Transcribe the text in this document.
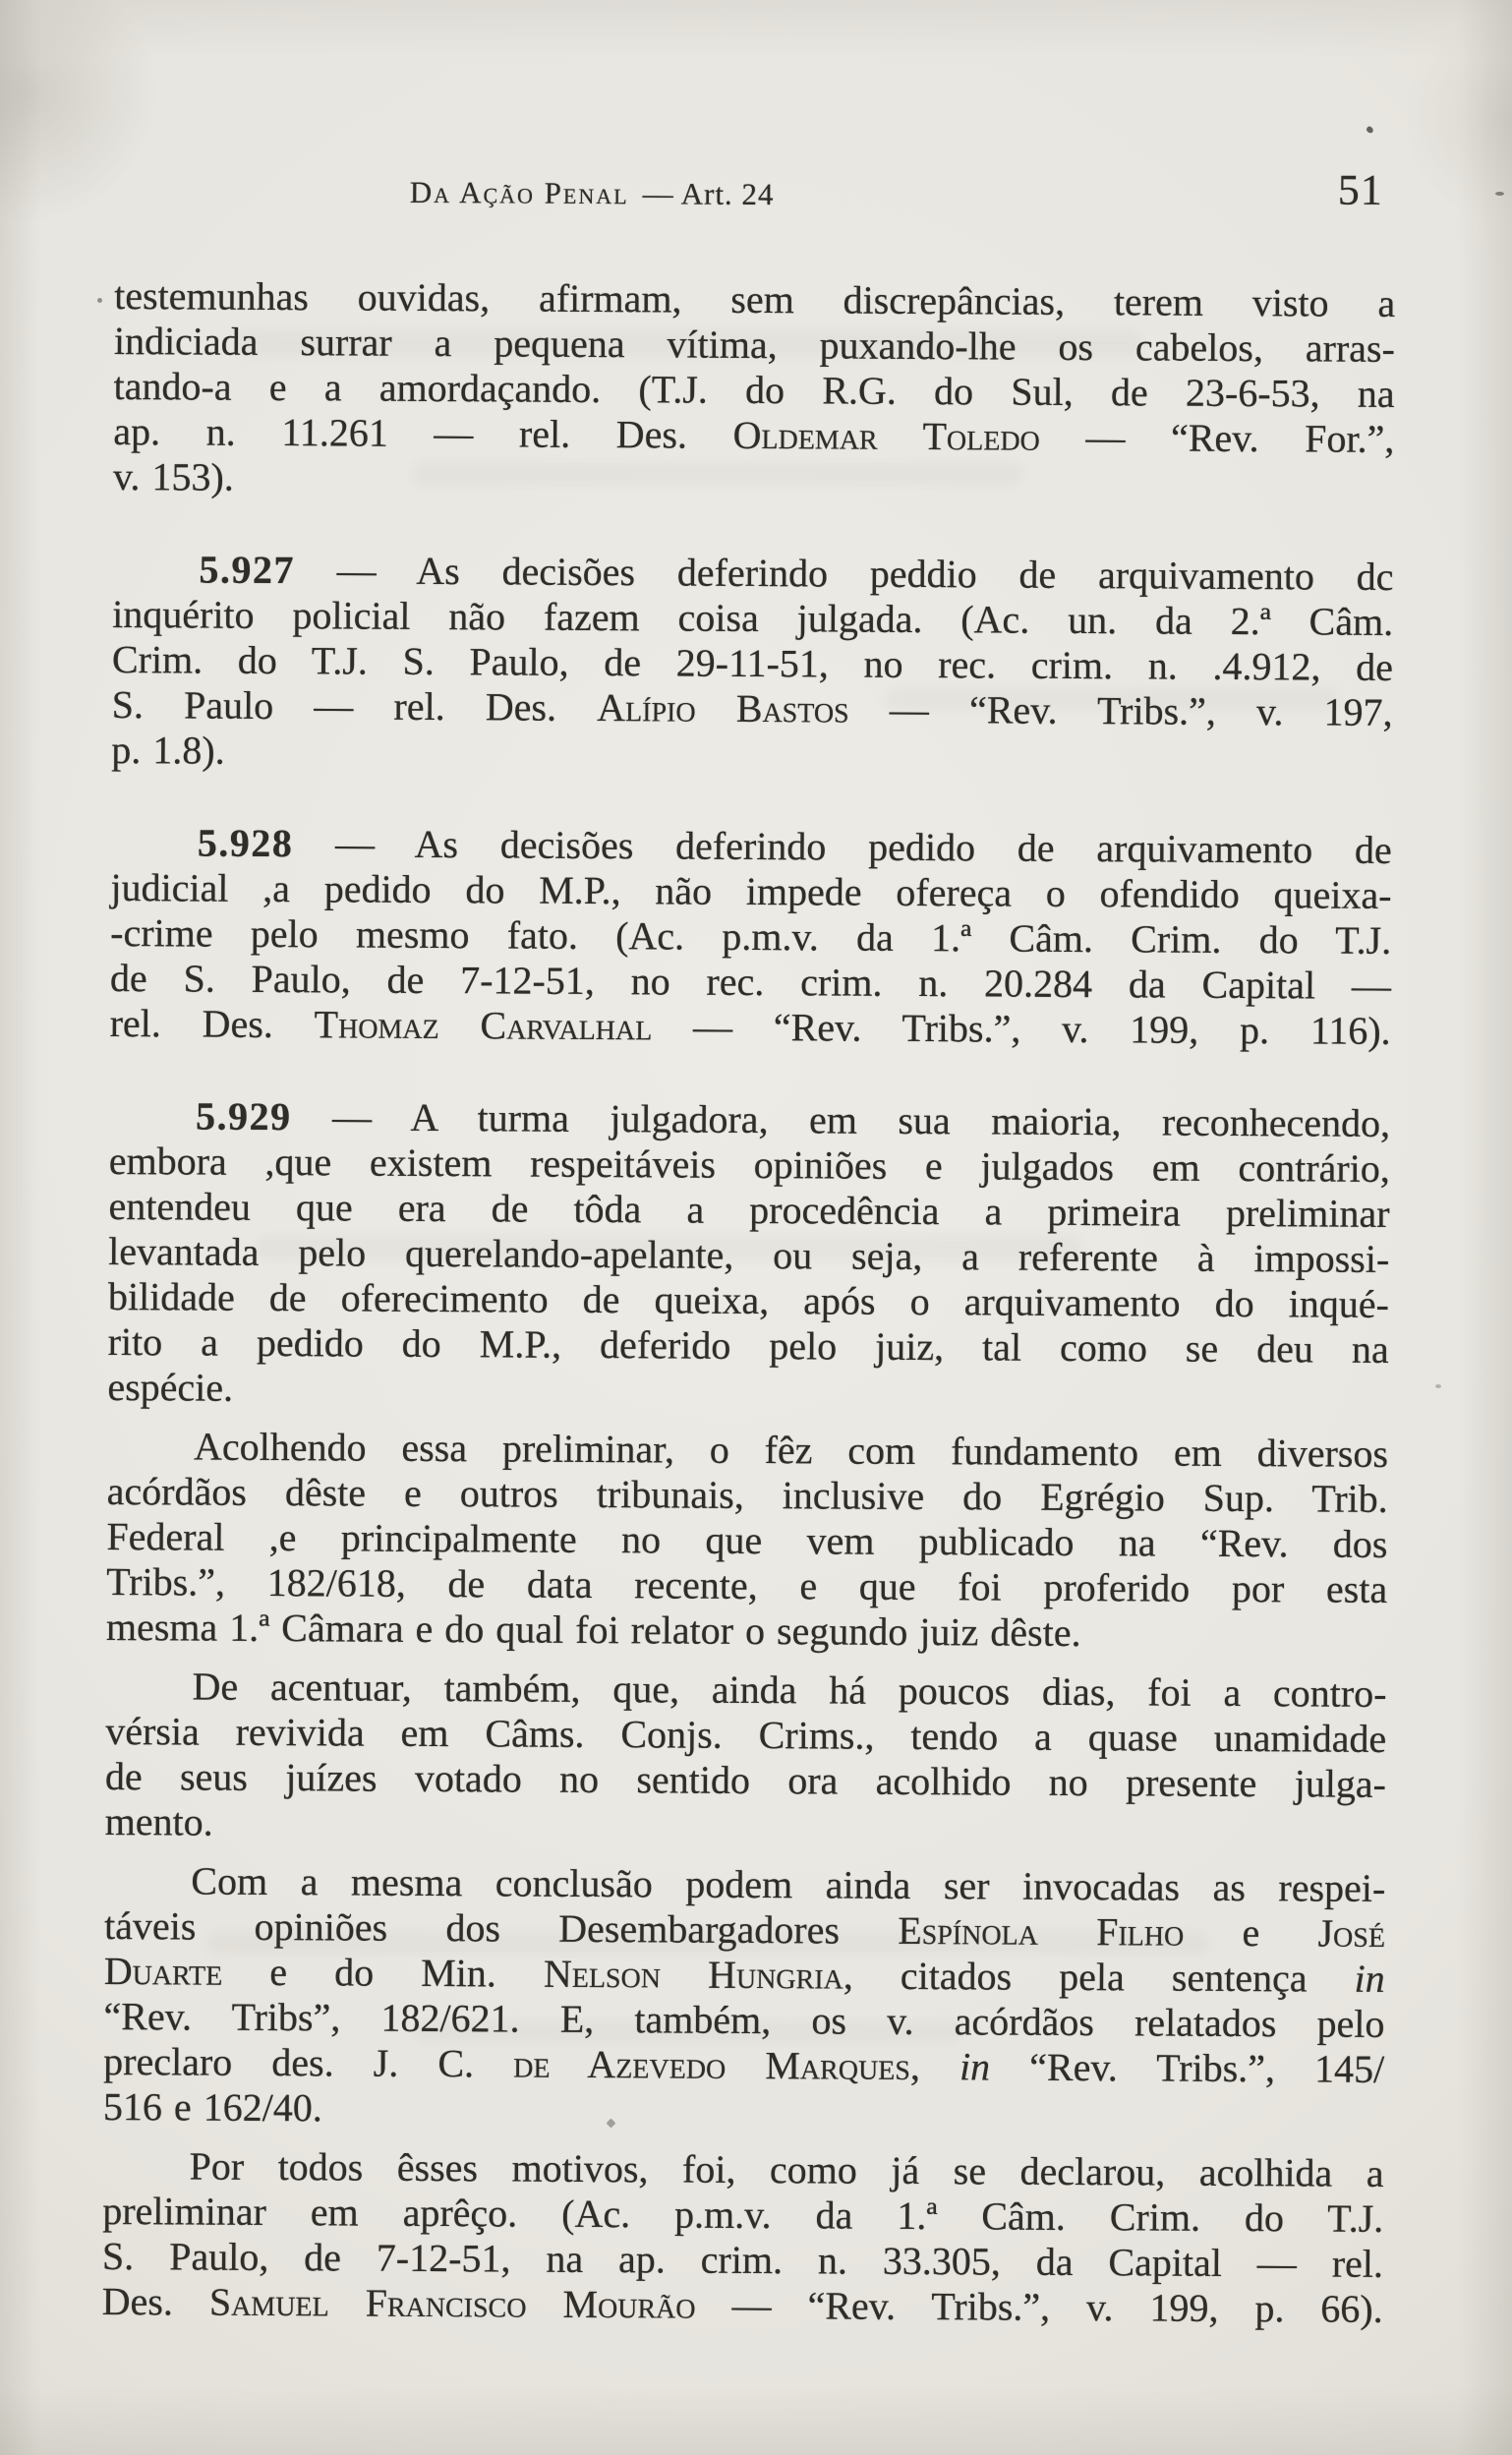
Da Ação Penal — Art. 24	51

testemunhas ouvidas, afirmam, sem discrepâncias, terem visto a
indiciada surrar a pequena vítima, puxando-lhe os cabelos, arras-
tando-a e a amordaçando. (T.J. do R.G. do Sul, de 23-6-53, na
ap. n. 11.261 — rel. Des. Oldemar Toledo — “Rev. For.”,
v. 153).

5.927 — As decisões deferindo peddio de arquivamento dc
inquérito policial não fazem coisa julgada. (Ac. un. da 2.ª Câm.
Crim. do T.J. S. Paulo, de 29-11-51, no rec. crim. n. .4.912, de
S. Paulo — rel. Des. Alípio Bastos — “Rev. Tribs.”, v. 197,
p. 1.8).

5.928 — As decisões deferindo pedido de arquivamento de
judicial ,a pedido do M.P., não impede ofereça o ofendido queixa-
-crime pelo mesmo fato. (Ac. p.m.v. da 1.ª Câm. Crim. do T.J.
de S. Paulo, de 7-12-51, no rec. crim. n. 20.284 da Capital —
rel. Des. Thomaz Carvalhal — “Rev. Tribs.”, v. 199, p. 116).

5.929 — A turma julgadora, em sua maioria, reconhecendo,
embora ,que existem respeitáveis opiniões e julgados em contrário,
entendeu que era de tôda a procedência a primeira preliminar
levantada pelo querelando-apelante, ou seja, a referente à impossi-
bilidade de oferecimento de queixa, após o arquivamento do inqué-
rito a pedido do M.P., deferido pelo juiz, tal como se deu na
espécie.

Acolhendo essa preliminar, o fêz com fundamento em diversos
acórdãos dêste e outros tribunais, inclusive do Egrégio Sup. Trib.
Federal ,e principalmente no que vem publicado na “Rev. dos
Tribs.”, 182/618, de data recente, e que foi proferido por esta
mesma 1.ª Câmara e do qual foi relator o segundo juiz dêste.

De acentuar, também, que, ainda há poucos dias, foi a contro-
vérsia revivida em Câms. Conjs. Crims., tendo a quase unamidade
de seus juízes votado no sentido ora acolhido no presente julga-
mento.

Com a mesma conclusão podem ainda ser invocadas as respei-
táveis opiniões dos Desembargadores Espínola Filho e José
Duarte e do Min. Nelson Hungria, citados pela sentença in
“Rev. Tribs”, 182/621. E, também, os v. acórdãos relatados pelo
preclaro des. J. C. de Azevedo Marques, in “Rev. Tribs.”, 145/
516 e 162/40.

Por todos êsses motivos, foi, como já se declarou, acolhida a
preliminar em aprêço. (Ac. p.m.v. da 1.ª Câm. Crim. do T.J.
S. Paulo, de 7-12-51, na ap. crim. n. 33.305, da Capital — rel.
Des. Samuel Francisco Mourão — “Rev. Tribs.”, v. 199, p. 66).
